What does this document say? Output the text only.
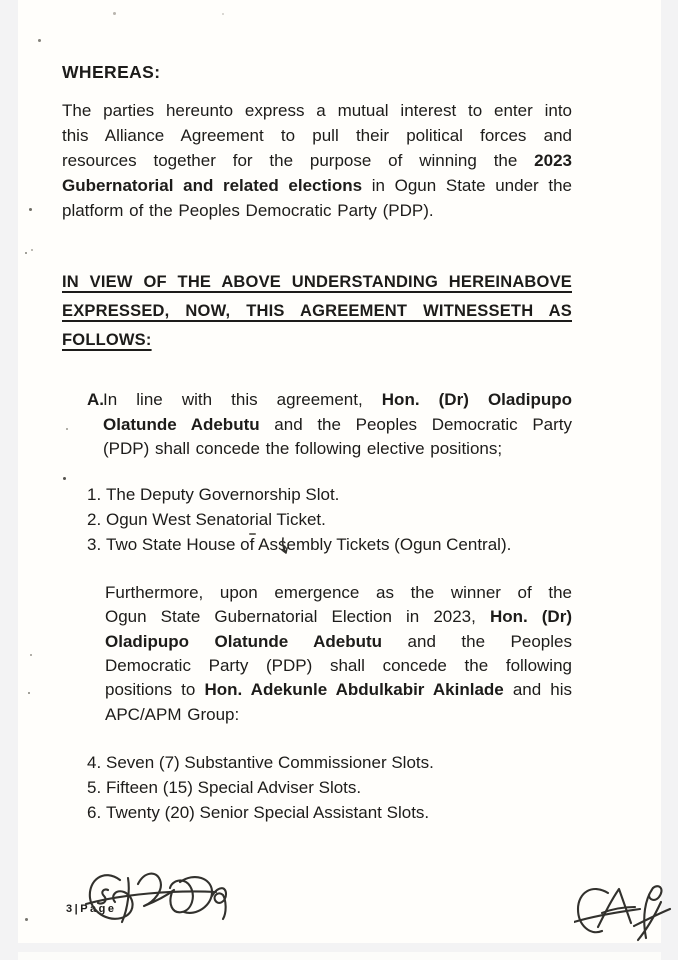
WHEREAS:
The parties hereunto express a mutual interest to enter into
this Alliance Agreement to pull their political forces and
resources together for the purpose of winning the 2023
Gubernatorial and related elections in Ogun State under the
platform of the Peoples Democratic Party (PDP).
IN VIEW OF THE ABOVE UNDERSTANDING HEREINABOVE
EXPRESSED, NOW, THIS AGREEMENT WITNESSETH AS FOLLOWS:
A. In line with this agreement, Hon. (Dr) Oladipupo
Olatunde Adebutu and the Peoples Democratic Party
(PDP) shall concede the following elective positions;
1. The Deputy Governorship Slot.
2. Ogun West Senatorial Ticket.
3. Two State House of Assembly Tickets (Ogun Central).
Furthermore, upon emergence as the winner of the
Ogun State Gubernatorial Election in 2023, Hon. (Dr)
Oladipupo Olatunde Adebutu and the Peoples
Democratic Party (PDP) shall concede the following
positions to Hon. Adekunle Abdulkabir Akinlade and his
APC/APM Group:
4. Seven (7) Substantive Commissioner Slots.
5. Fifteen (15) Special Adviser Slots.
6. Twenty (20) Senior Special Assistant Slots.
3|Page
